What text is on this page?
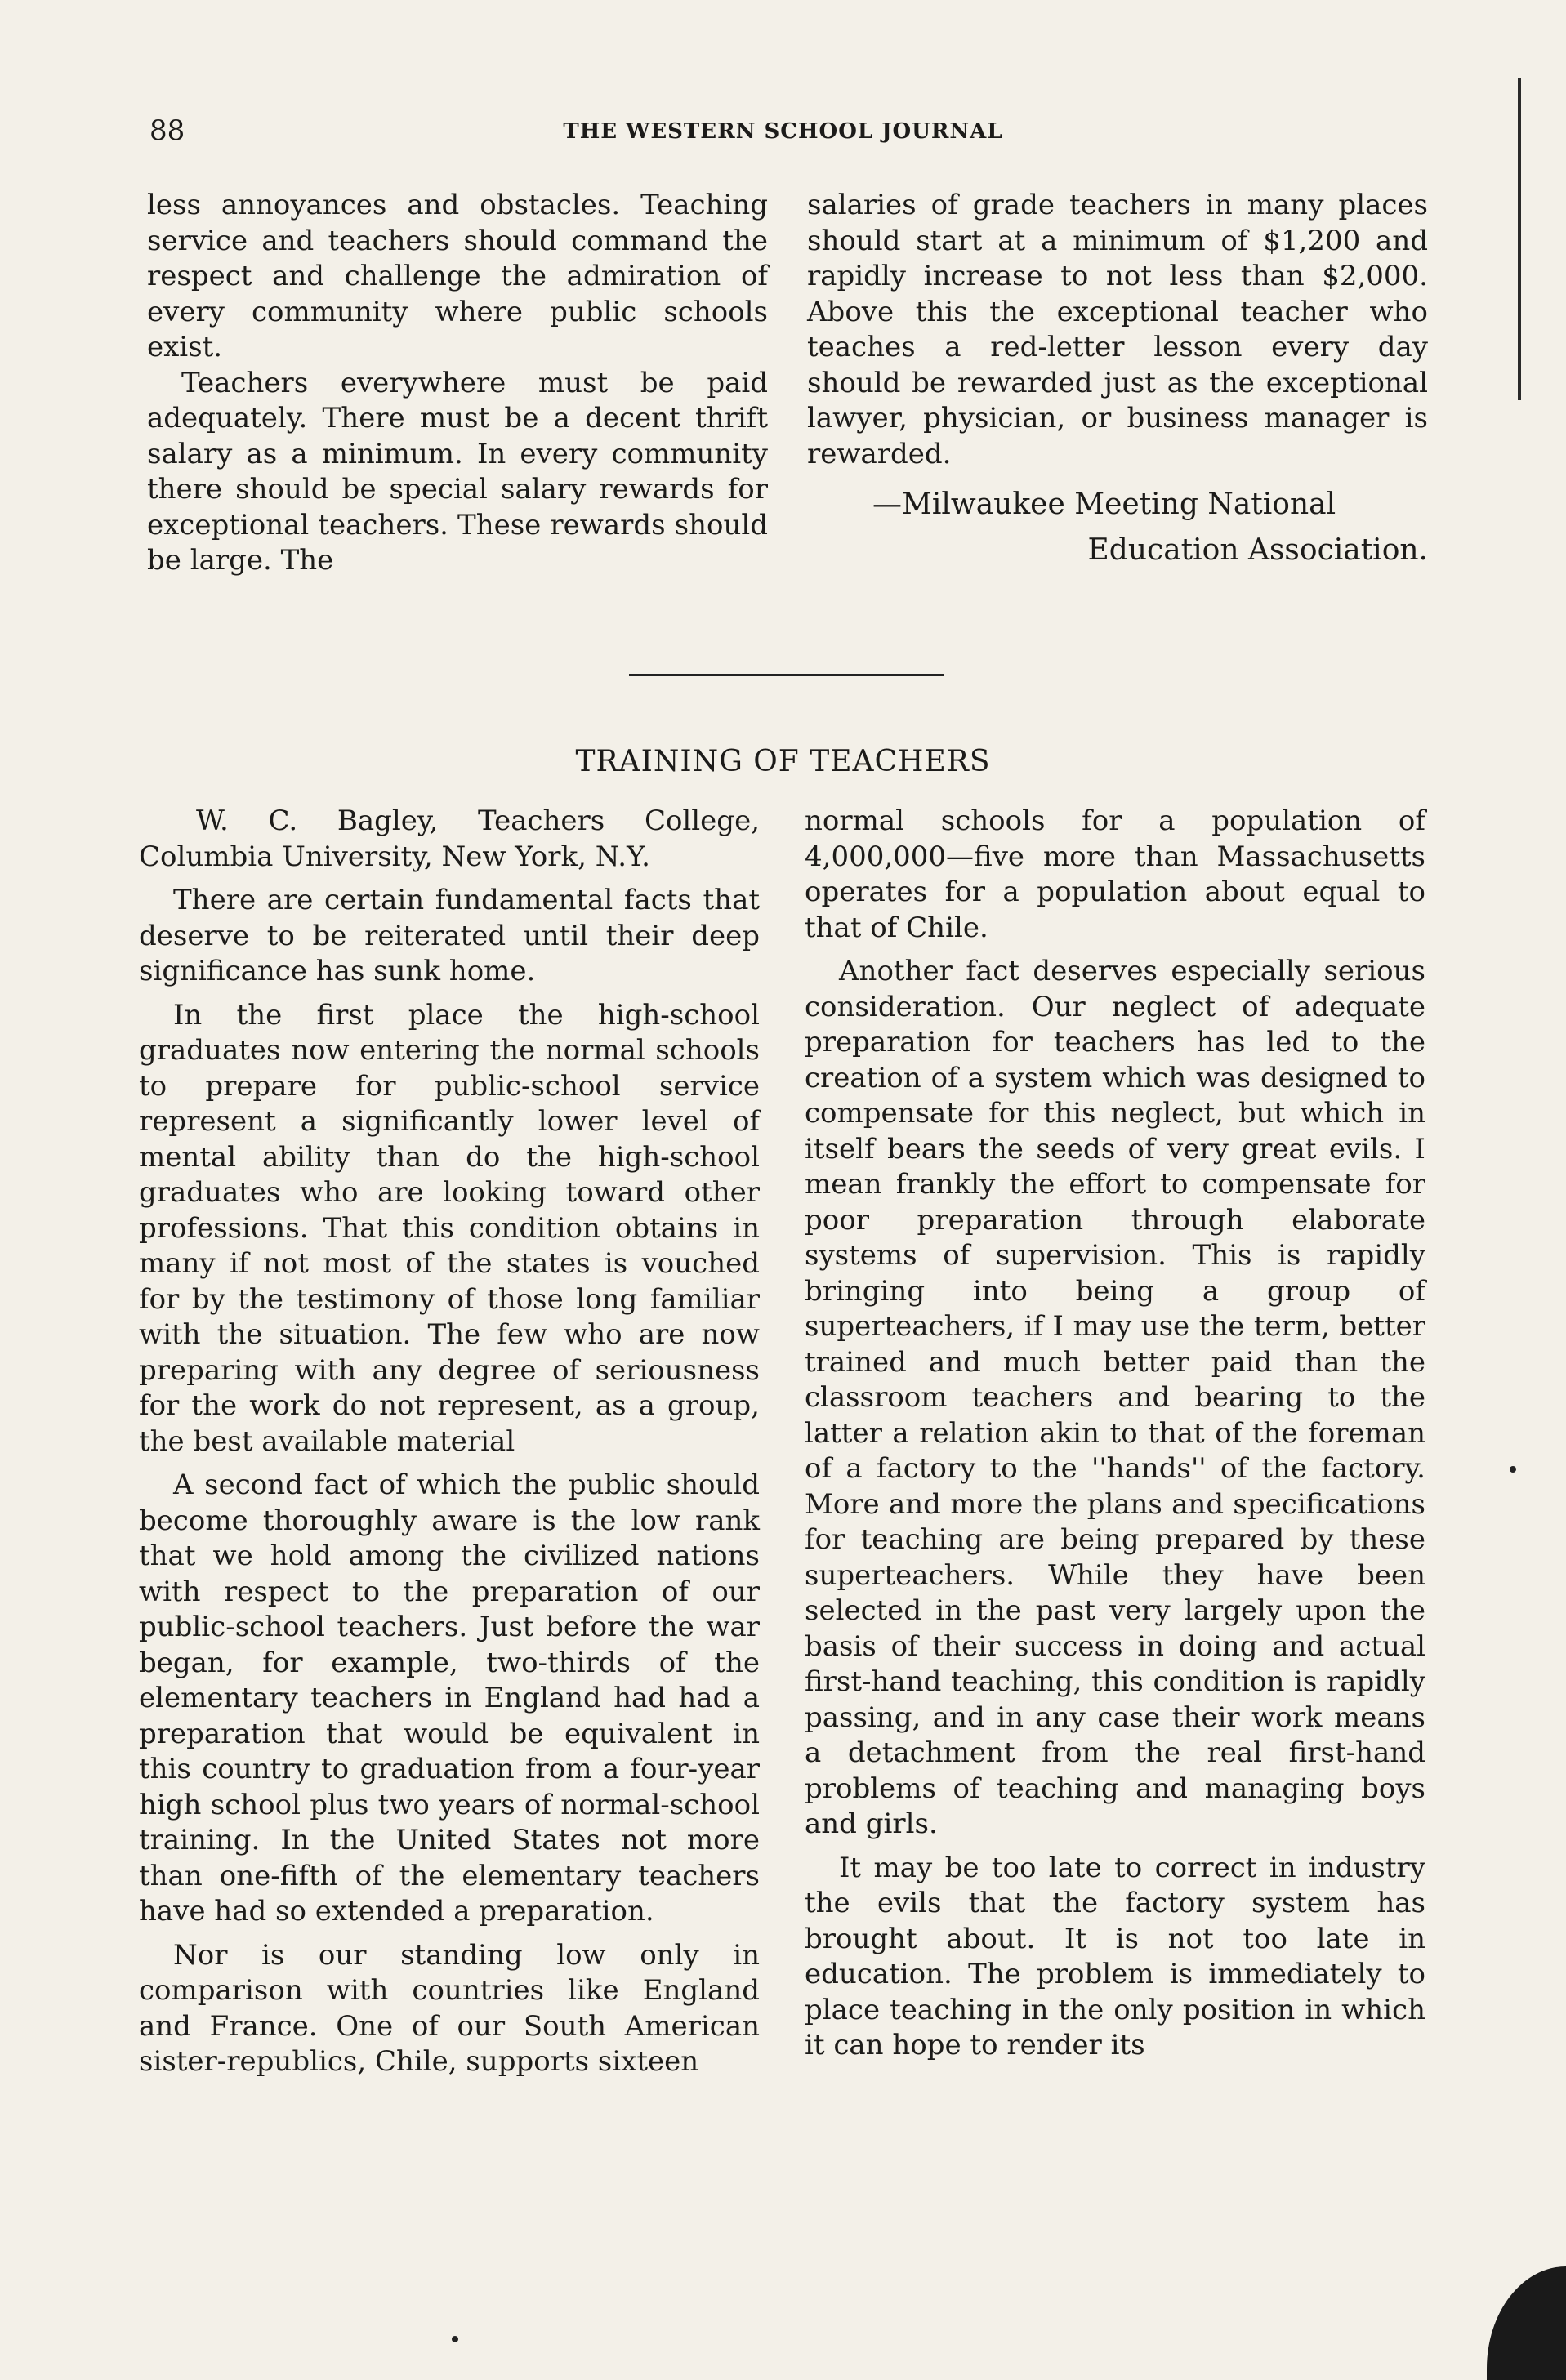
88	THE WESTERN SCHOOL JOURNAL

less annoyances and obstacles. Teaching service and teachers should command the respect and challenge the admiration of every community where public schools exist.

Teachers everywhere must be paid adequately. There must be a decent thrift salary as a minimum. In every community there should be special salary rewards for exceptional teachers. These rewards should be large. The

salaries of grade teachers in many places should start at a minimum of $1,200 and rapidly increase to not less than $2,000. Above this the exceptional teacher who teaches a red-letter lesson every day should be rewarded just as the exceptional lawyer, physician, or business manager is rewarded.

—Milwaukee Meeting National
Education Association.
TRAINING OF TEACHERS

W. C. Bagley, Teachers College, Columbia University, New York, N.Y.

There are certain fundamental facts that deserve to be reiterated until their deep significance has sunk home.

In the first place the high-school graduates now entering the normal schools to prepare for public-school service represent a significantly lower level of mental ability than do the high-school graduates who are looking toward other professions. That this condition obtains in many if not most of the states is vouched for by the testimony of those long familiar with the situation. The few who are now preparing with any degree of seriousness for the work do not represent, as a group, the best available material

A second fact of which the public should become thoroughly aware is the low rank that we hold among the civilized nations with respect to the preparation of our public-school teachers. Just before the war began, for example, two-thirds of the elementary teachers in England had had a preparation that would be equivalent in this country to graduation from a four-year high school plus two years of normal-school training. In the United States not more than one-fifth of the elementary teachers have had so extended a preparation.

Nor is our standing low only in comparison with countries like England and France. One of our South American sister-republics, Chile, supports sixteen

normal schools for a population of 4,000,000—five more than Massachusetts operates for a population about equal to that of Chile.

Another fact deserves especially serious consideration. Our neglect of adequate preparation for teachers has led to the creation of a system which was designed to compensate for this neglect, but which in itself bears the seeds of very great evils. I mean frankly the effort to compensate for poor preparation through elaborate systems of supervision. This is rapidly bringing into being a group of superteachers, if I may use the term, better trained and much better paid than the classroom teachers and bearing to the latter a relation akin to that of the foreman of a factory to the ''hands'' of the factory. More and more the plans and specifications for teaching are being prepared by these superteachers. While they have been selected in the past very largely upon the basis of their success in doing and actual first-hand teaching, this condition is rapidly passing, and in any case their work means a detachment from the real first-hand problems of teaching and managing boys and girls.

It may be too late to correct in industry the evils that the factory system has brought about. It is not too late in education. The problem is immediately to place teaching in the only position in which it can hope to render its
